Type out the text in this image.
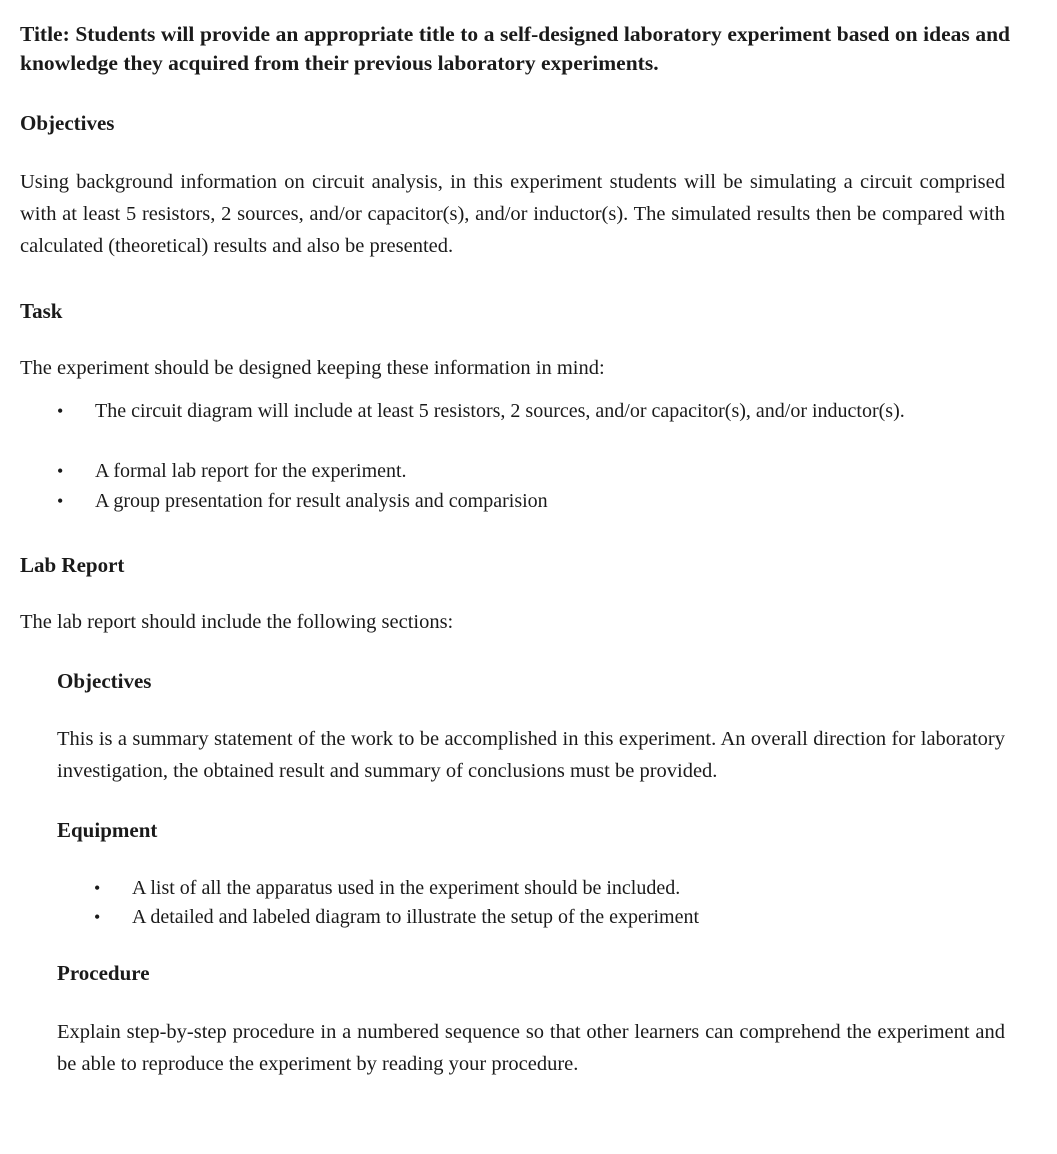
Title: Students will provide an appropriate title to a self-designed laboratory experiment based on ideas and knowledge they acquired from their previous laboratory experiments.

Objectives

Using background information on circuit analysis, in this experiment students will be simulating a circuit comprised with at least 5 resistors, 2 sources, and/or capacitor(s), and/or inductor(s). The simulated results then be compared with calculated (theoretical) results and also be presented.

Task

The experiment should be designed keeping these information in mind:

• The circuit diagram will include at least 5 resistors, 2 sources, and/or capacitor(s), and/or inductor(s).
• A formal lab report for the experiment.
• A group presentation for result analysis and comparision

Lab Report

The lab report should include the following sections:

Objectives

This is a summary statement of the work to be accomplished in this experiment. An overall direction for laboratory investigation, the obtained result and summary of conclusions must be provided.

Equipment

• A list of all the apparatus used in the experiment should be included.
• A detailed and labeled diagram to illustrate the setup of the experiment

Procedure

Explain step-by-step procedure in a numbered sequence so that other learners can comprehend the experiment and be able to reproduce the experiment by reading your procedure.
